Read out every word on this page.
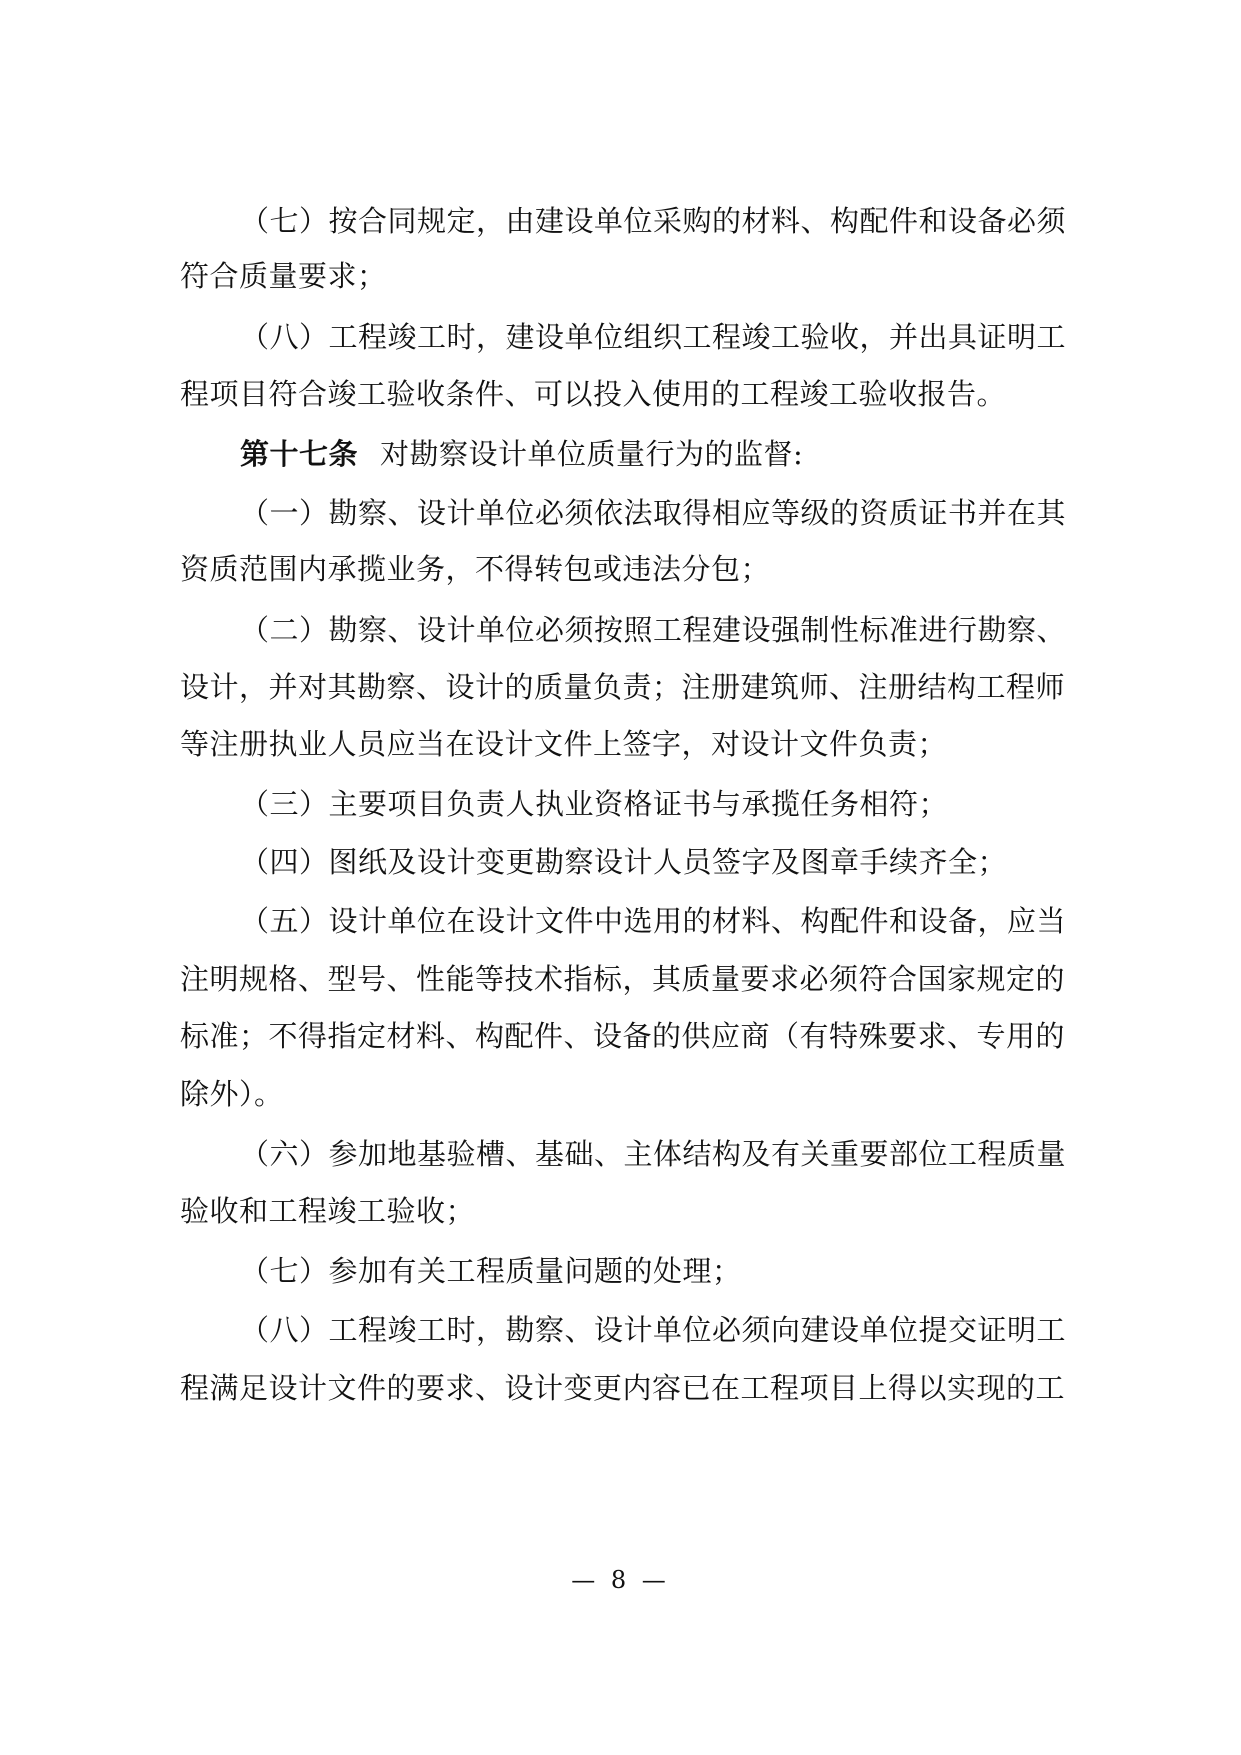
（七）按合同规定，由建设单位采购的材料、构配件和设备必须
符合质量要求；
（八）工程竣工时，建设单位组织工程竣工验收，并出具证明工
程项目符合竣工验收条件、可以投入使用的工程竣工验收报告。
第十七条 对勘察设计单位质量行为的监督:
（一）勘察、设计单位必须依法取得相应等级的资质证书并在其
资质范围内承揽业务，不得转包或违法分包；
（二）勘察、设计单位必须按照工程建设强制性标准进行勘察、
设计，并对其勘察、设计的质量负责；注册建筑师、注册结构工程师
等注册执业人员应当在设计文件上签字，对设计文件负责；
（三）主要项目负责人执业资格证书与承揽任务相符；
（四）图纸及设计变更勘察设计人员签字及图章手续齐全；
（五）设计单位在设计文件中选用的材料、构配件和设备，应当
注明规格、型号、性能等技术指标，其质量要求必须符合国家规定的
标准；不得指定材料、构配件、设备的供应商（有特殊要求、专用的
除外）。
（六）参加地基验槽、基础、主体结构及有关重要部位工程质量
验收和工程竣工验收；
（七）参加有关工程质量问题的处理；
（八）工程竣工时，勘察、设计单位必须向建设单位提交证明工
程满足设计文件的要求、设计变更内容已在工程项目上得以实现的工
— 8 —
